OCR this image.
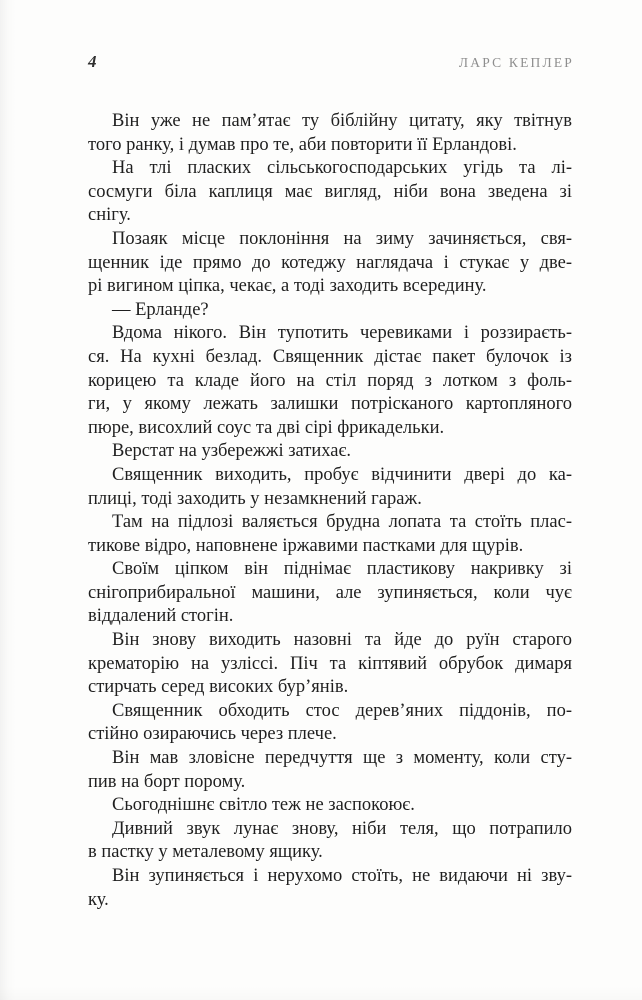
4	ЛАРС КЕПЛЕР
Він уже не пам’ятає ту біблійну цитату, яку твітнув
того ранку, і думав про те, аби повторити її Ерландові.
На тлі пласких сільськогосподарських угідь та лі-
сосмуги біла каплиця має вигляд, ніби вона зведена зі
снігу.
Позаяк місце поклоніння на зиму зачиняється, свя-
щенник іде прямо до котеджу наглядача і стукає у две-
рі вигином ціпка, чекає, а тоді заходить всередину.
— Ерланде?
Вдома нікого. Він тупотить черевиками і роззираєть-
ся. На кухні безлад. Священник дістає пакет булочок із
корицею та кладе його на стіл поряд з лотком з фоль-
ги, у якому лежать залишки потрісканого картопляного
пюре, висохлий соус та дві сірі фрикадельки.
Верстат на узбережжі затихає.
Священник виходить, пробує відчинити двері до ка-
плиці, тоді заходить у незамкнений гараж.
Там на підлозі валяється брудна лопата та стоїть плас-
тикове відро, наповнене іржавими пастками для щурів.
Своїм ціпком він піднімає пластикову накривку зі
снігоприбиральної машини, але зупиняється, коли чує
віддалений стогін.
Він знову виходить назовні та йде до руїн старого
крематорію на узліссі. Піч та кіптявий обрубок димаря
стирчать серед високих бур’янів.
Священник обходить стос дерев’яних піддонів, по-
стійно озираючись через плече.
Він мав зловісне передчуття ще з моменту, коли сту-
пив на борт порому.
Сьогоднішнє світло теж не заспокоює.
Дивний звук лунає знову, ніби теля, що потрапило
в пастку у металевому ящику.
Він зупиняється і нерухомо стоїть, не видаючи ні зву-
ку.
